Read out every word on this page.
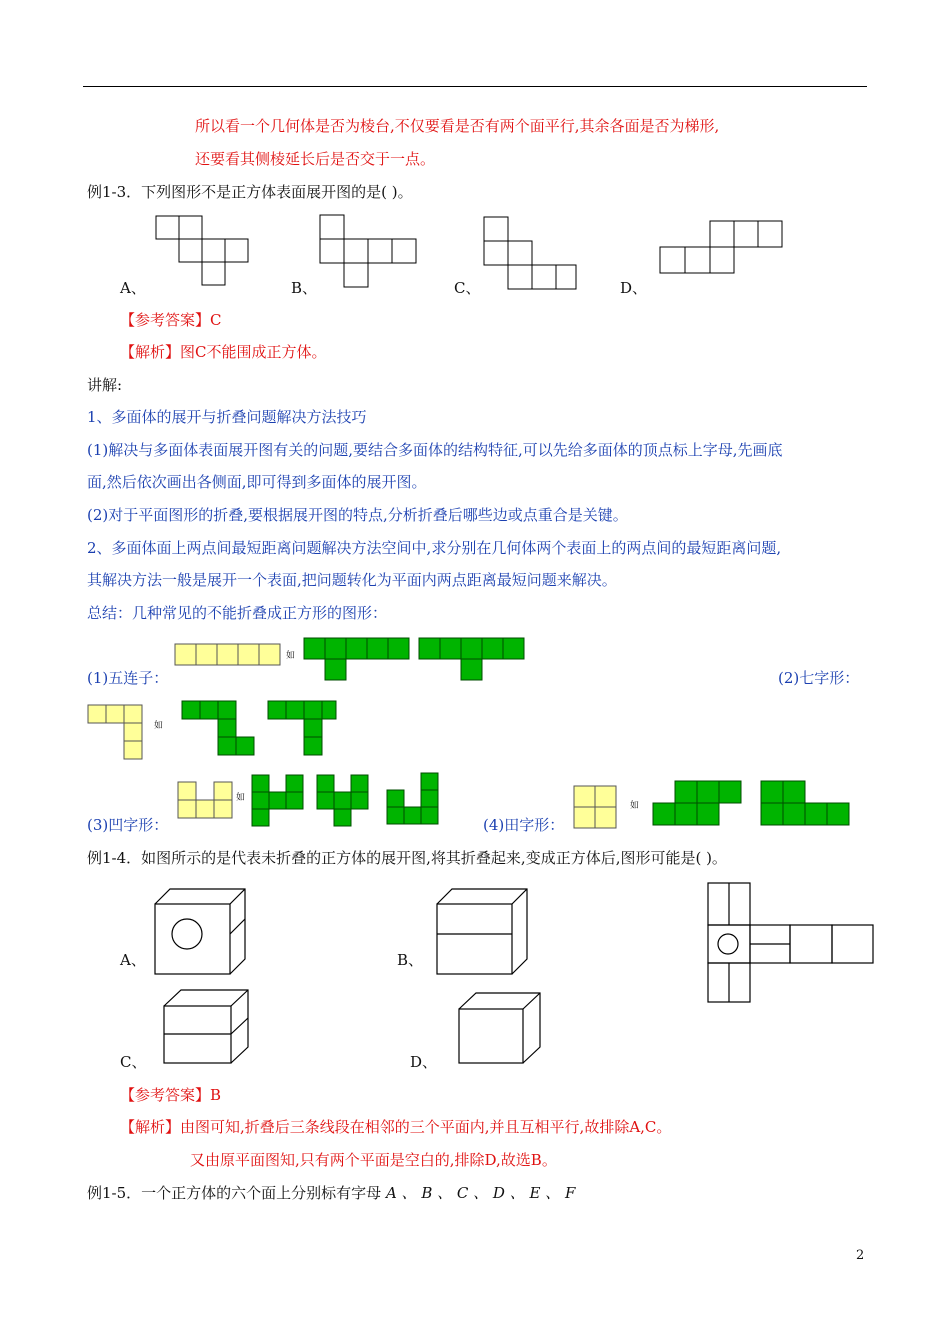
所以看一个几何体是否为棱台,不仅要看是否有两个面平行,其余各面是否为梯形,
还要看其侧棱延长后是否交于一点。
例1-3．下列图形不是正方体表面展开图的是( )。
A、	B、	C、	D、
【参考答案】C
【解析】图C不能围成正方体。
讲解:
1、多面体的展开与折叠问题解决方法技巧
(1)解决与多面体表面展开图有关的问题,要结合多面体的结构特征,可以先给多面体的顶点标上字母,先画底
面,然后依次画出各侧面,即可得到多面体的展开图。
(2)对于平面图形的折叠,要根据展开图的特点,分析折叠后哪些边或点重合是关键。
2、多面体面上两点间最短距离问题解决方法空间中,求分别在几何体两个表面上的两点间的最短距离问题,
其解决方法一般是展开一个表面,把问题转化为平面内两点距离最短问题来解决。
总结：几种常见的不能折叠成正方形的图形：
如
如
如
如
(1)五连子：	(2)七字形：
(3)凹字形：	(4)田字形：
例1-4．如图所示的是代表未折叠的正方体的展开图,将其折叠起来,变成正方体后,图形可能是( )。
A、	B、
C、	D、
【参考答案】B
【解析】由图可知,折叠后三条线段在相邻的三个平面内,并且互相平行,故排除A,C。
又由原平面图知,只有两个平面是空白的,排除D,故选B。
例1-5．一个正方体的六个面上分别标有字母 A 、 B 、 C 、 D 、 E 、 F
2
